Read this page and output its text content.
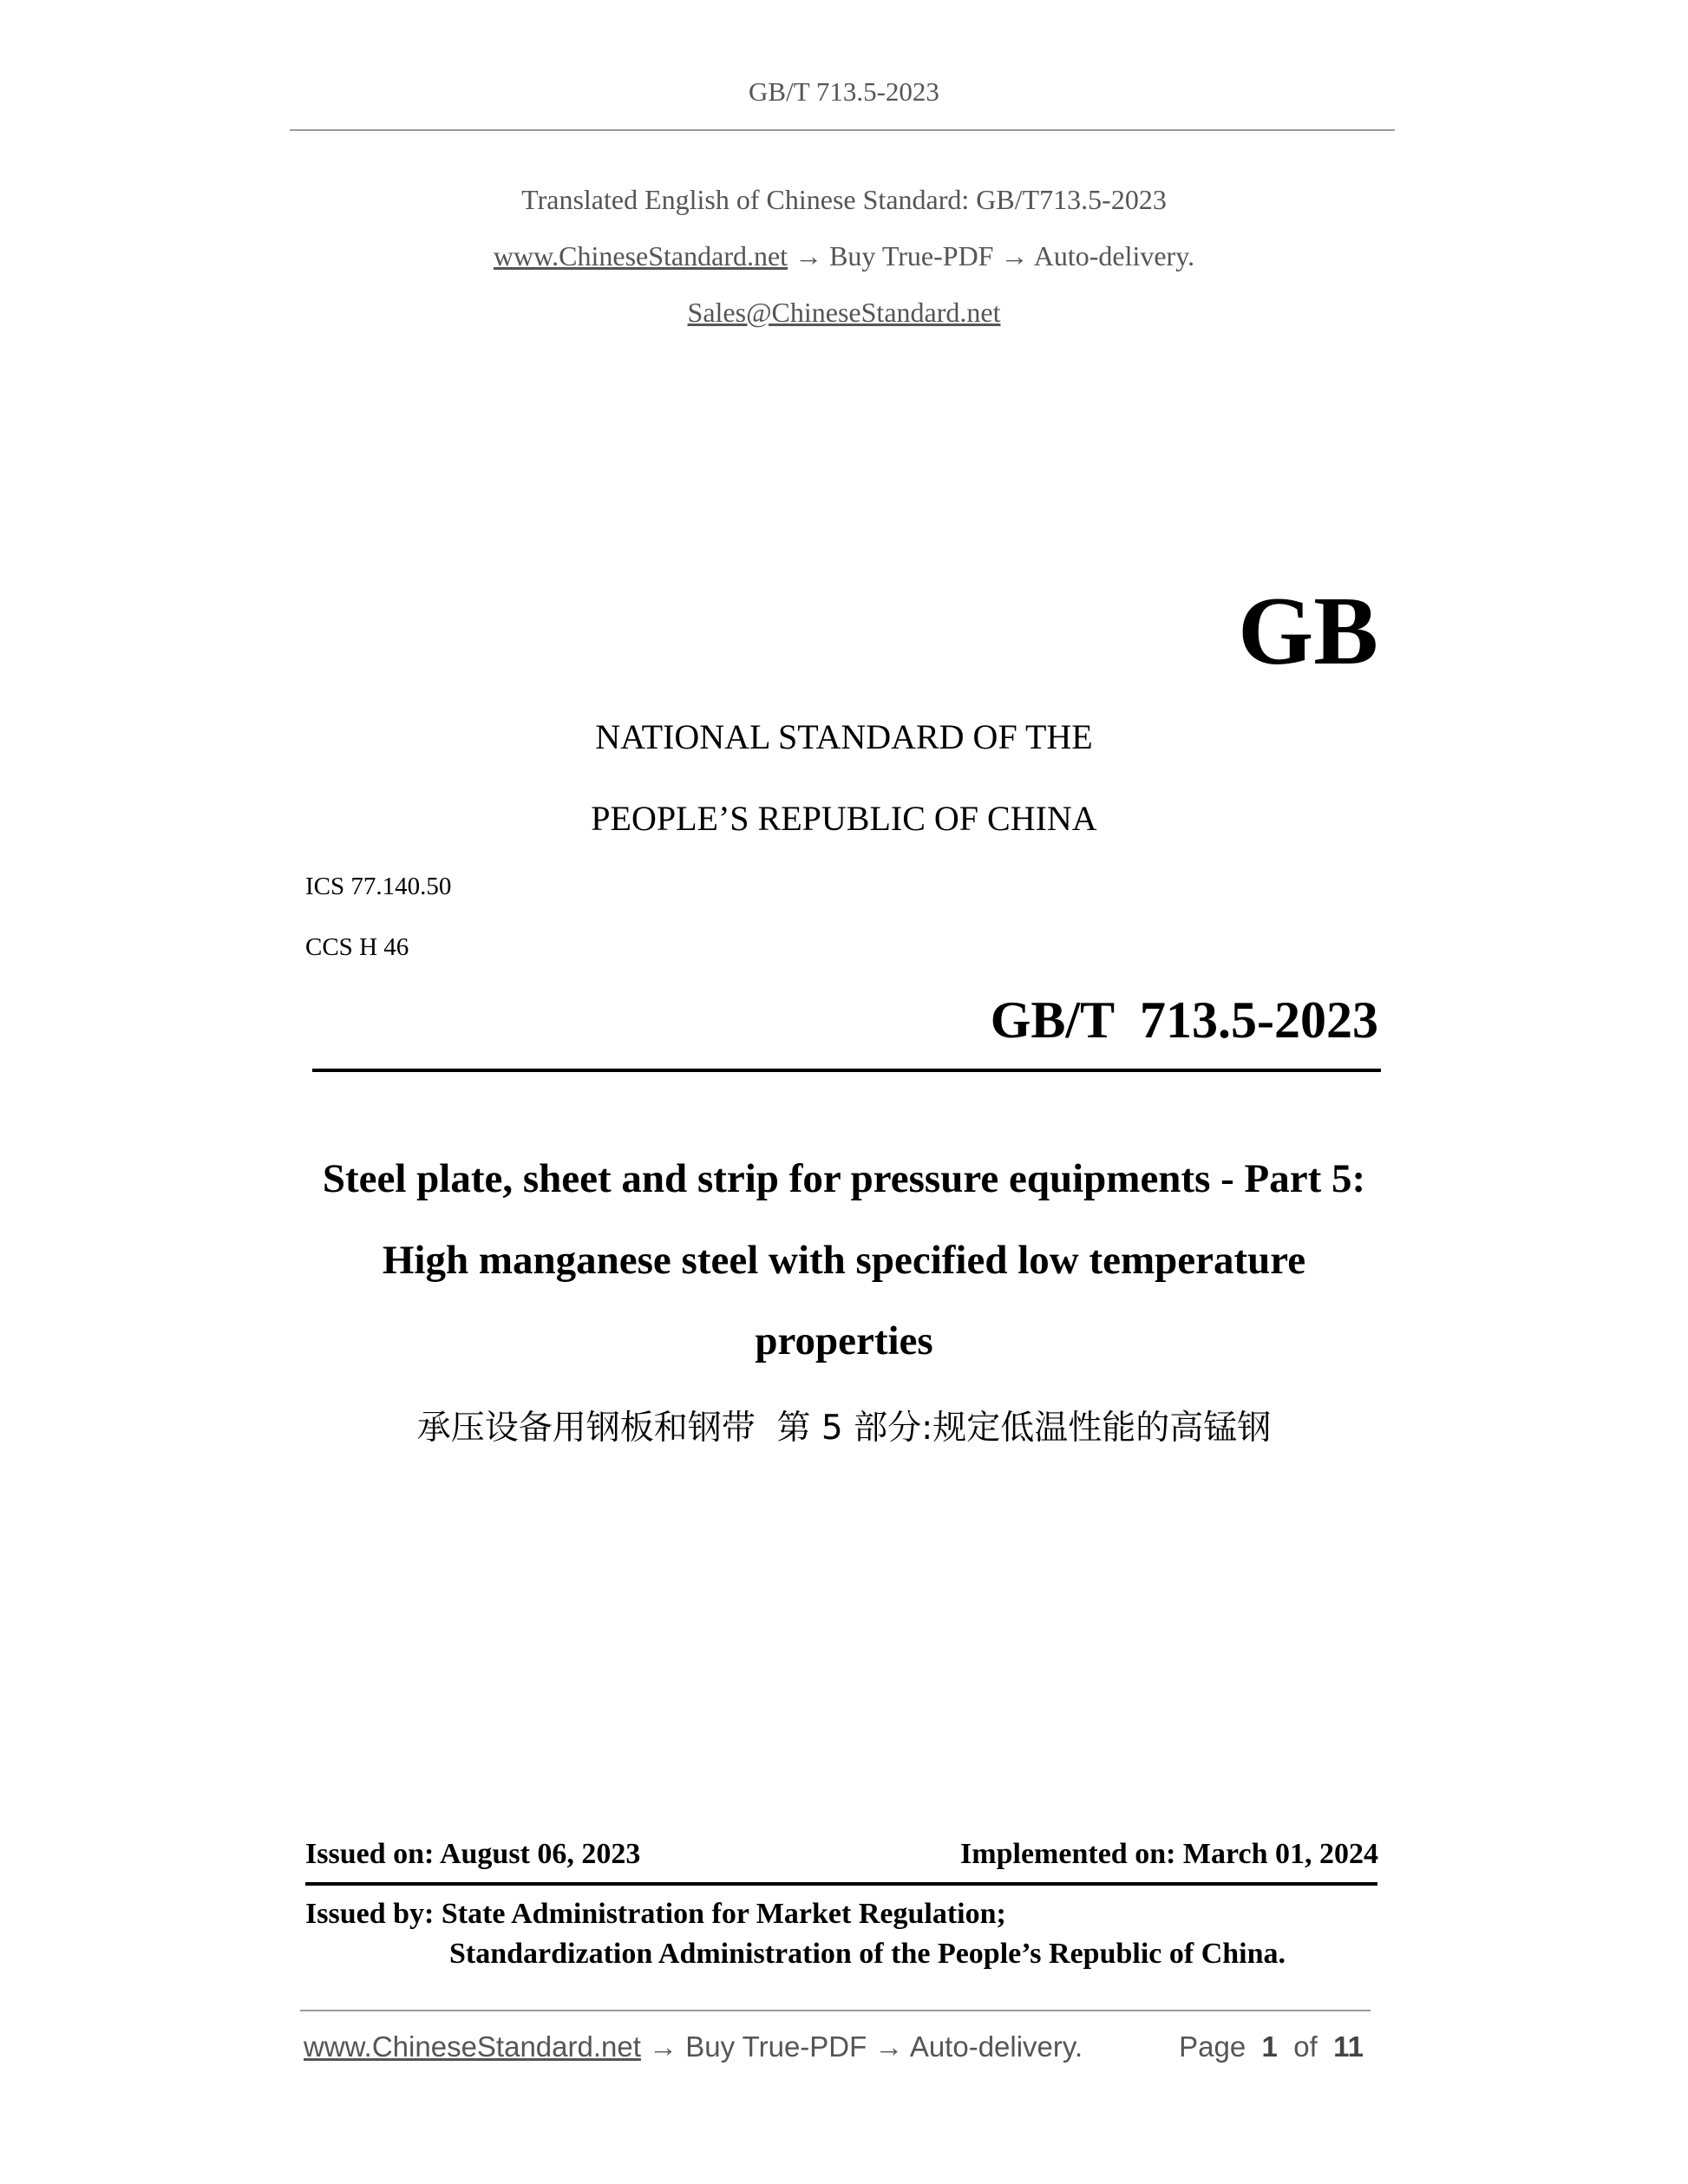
GB/T 713.5-2023
Translated English of Chinese Standard: GB/T713.5-2023
www.ChineseStandard.net → Buy True-PDF → Auto-delivery.
Sales@ChineseStandard.net
GB
NATIONAL STANDARD OF THE
PEOPLE’S REPUBLIC OF CHINA
ICS 77.140.50
CCS H 46
GB/T  713.5-2023
Steel plate, sheet and strip for pressure equipments - Part 5:
High manganese steel with specified low temperature
properties
承压设备用钢板和钢带  第 5 部分:规定低温性能的高锰钢
Issued on: August 06, 2023	Implemented on: March 01, 2024
Issued by: State Administration for Market Regulation;
Standardization Administration of the People’s Republic of China.
www.ChineseStandard.net → Buy True-PDF → Auto-delivery.	Page 1 of 11
